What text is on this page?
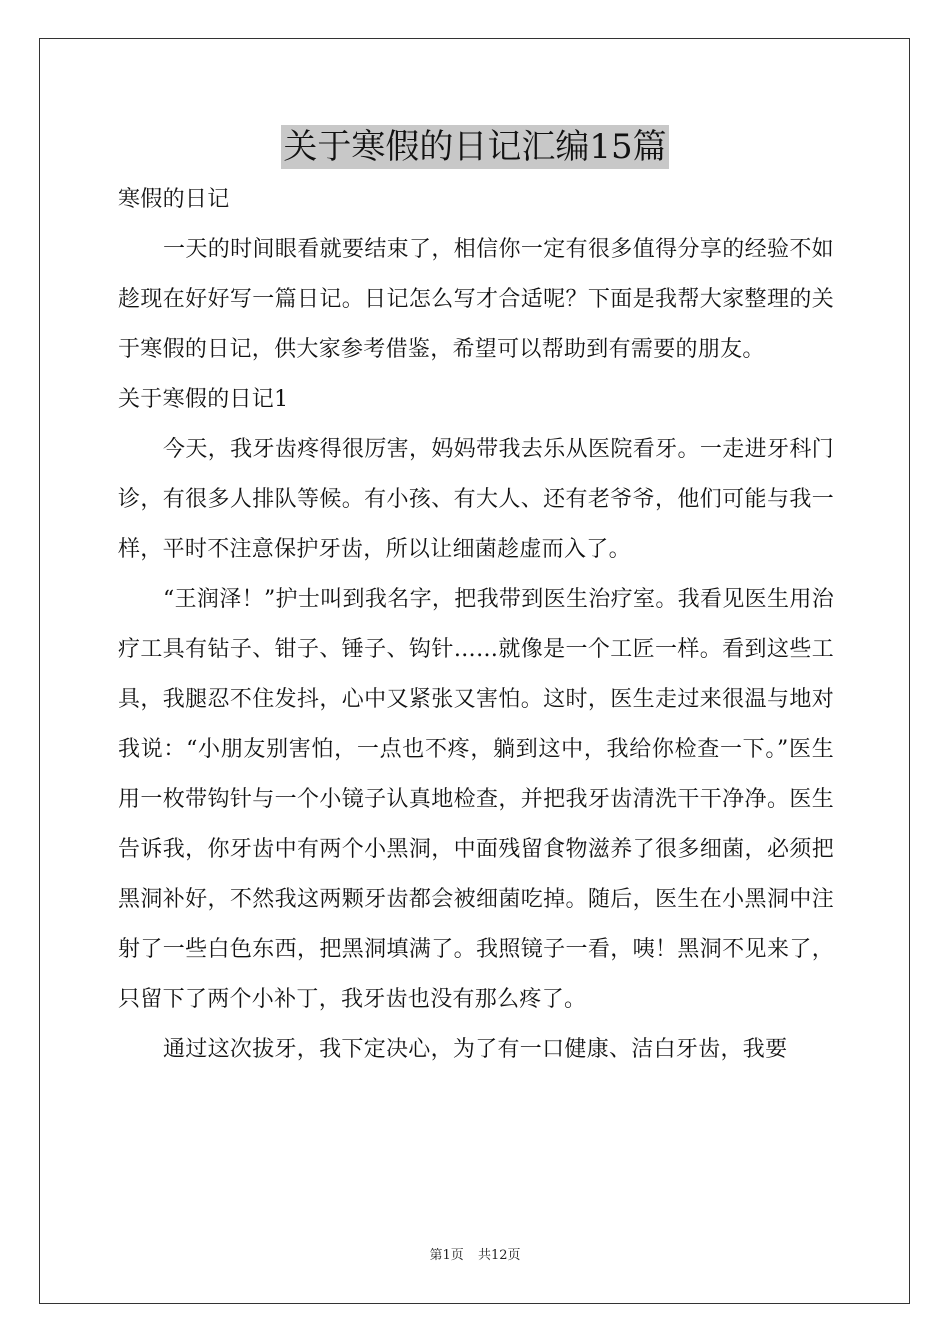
关于寒假的日记汇编15篇

寒假的日记

一天的时间眼看就要结束了，相信你一定有很多值得分享的经验不如趁现在好好写一篇日记。日记怎么写才合适呢？下面是我帮大家整理的关于寒假的日记，供大家参考借鉴，希望可以帮助到有需要的朋友。

关于寒假的日记1

今天，我牙齿疼得很厉害，妈妈带我去乐从医院看牙。一走进牙科门诊，有很多人排队等候。有小孩、有大人、还有老爷爷，他们可能与我一样，平时不注意保护牙齿，所以让细菌趁虚而入了。

“王润泽！”护士叫到我名字，把我带到医生治疗室。我看见医生用治疗工具有钻子、钳子、锤子、钩针……就像是一个工匠一样。看到这些工具，我腿忍不住发抖，心中又紧张又害怕。这时，医生走过来很温与地对我说：“小朋友别害怕，一点也不疼，躺到这中，我给你检查一下。”医生用一枚带钩针与一个小镜子认真地检查，并把我牙齿清洗干干净净。医生告诉我，你牙齿中有两个小黑洞，中面残留食物滋养了很多细菌，必须把黑洞补好，不然我这两颗牙齿都会被细菌吃掉。随后，医生在小黑洞中注射了一些白色东西，把黑洞填满了。我照镜子一看，咦！黑洞不见来了，只留下了两个小补丁，我牙齿也没有那么疼了。

通过这次拔牙，我下定决心，为了有一口健康、洁白牙齿，我要

第1页 共12页
